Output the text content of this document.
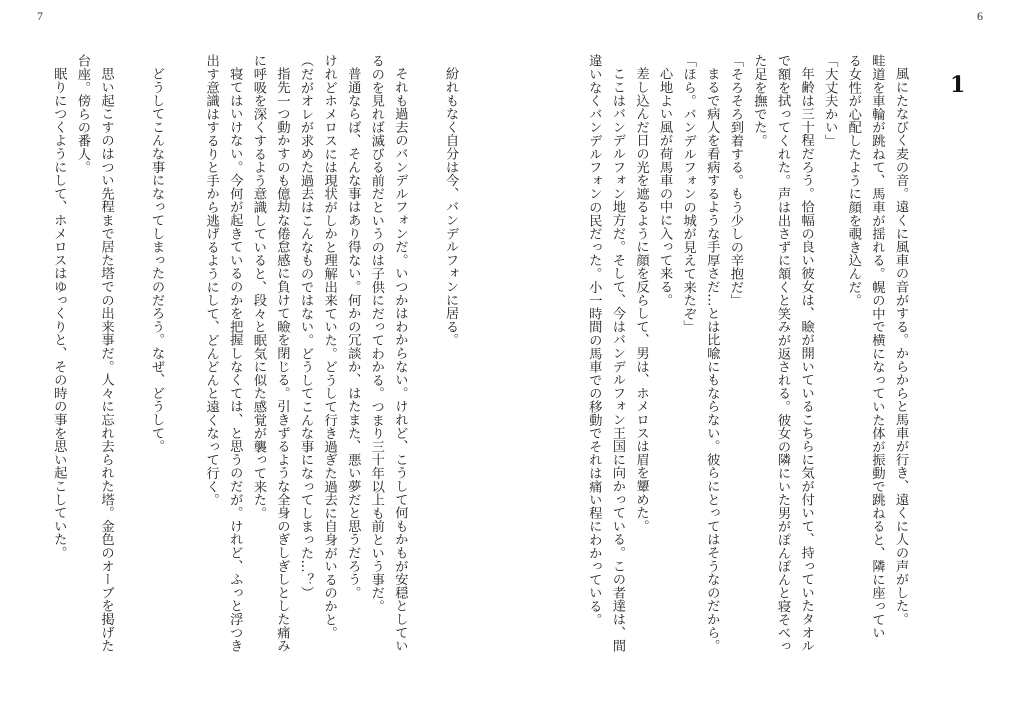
7	6
1
風にたなびく麦の音。遠くに風車の音がする。からからと馬車が行き、遠くに人の声がした。
畦道を車輪が跳ねて、馬車が揺れる。幌の中で横になっていた体が振動で跳ねると、隣に座ってい
る女性が心配したように顔を覗き込んだ。
「大丈夫かい」
年齢は三十程だろう。恰幅の良い彼女は、瞼が開いているこちらに気が付いて、持っていたタオル
で額を拭ってくれた。声は出さずに頷くと笑みが返される。彼女の隣にいた男がぽんぽんと寝そべっ
た足を撫でた。
「そろそろ到着する。もう少しの辛抱だ」
まるで病人を看病するような手厚さだ…とは比喩にもならない。彼らにとってはそうなのだから。
「ほら。バンデルフォンの城が見えて来たぞ」
心地よい風が荷馬車の中に入って来る。
差し込んだ日の光を遮るように顔を反らして、男は、ホメロスは眉を顰めた。
ここはバンデルフォン地方だ。そして、今はバンデルフォン王国に向かっている。この者達は、間
違いなくバンデルフォンの民だった。小一時間の馬車での移動でそれは痛い程にわかっている。
紛れもなく自分は今、バンデルフォンに居る。
それも過去のバンデルフォンだ。いつかはわからない。けれど、こうして何もかもが安穏としてい
るのを見れば滅びる前だというのは子供にだってわかる。つまり三十年以上も前という事だ。
普通ならば、そんな事はあり得ない。何かの冗談か、はたまた、悪い夢だと思うだろう。
けれどホメロスには現状がしかと理解出来ていた。どうして行き過ぎた過去に自身がいるのかと。
（だがオレが求めた過去はこんなものではない。どうしてこんな事になってしまった…？）
指先一つ動かすのも億劫な倦怠感に負けて瞼を閉じる。引きずるような全身のぎしぎしとした痛み
に呼吸を深くするよう意識していると、段々と眠気に似た感覚が襲って来た。
寝てはいけない。今何が起きているのかを把握しなくては、と思うのだが。けれど、ふっと浮つき
出す意識はするりと手から逃げるようにして、どんどんと遠くなって行く。
どうしてこんな事になってしまったのだろう。なぜ、どうして。
思い起こすのはつい先程まで居た塔での出来事だ。人々に忘れ去られた塔。金色のオーブを掲げた
台座。傍らの番人。
眠りにつくようにして、ホメロスはゆっくりと、その時の事を思い起こしていた。
